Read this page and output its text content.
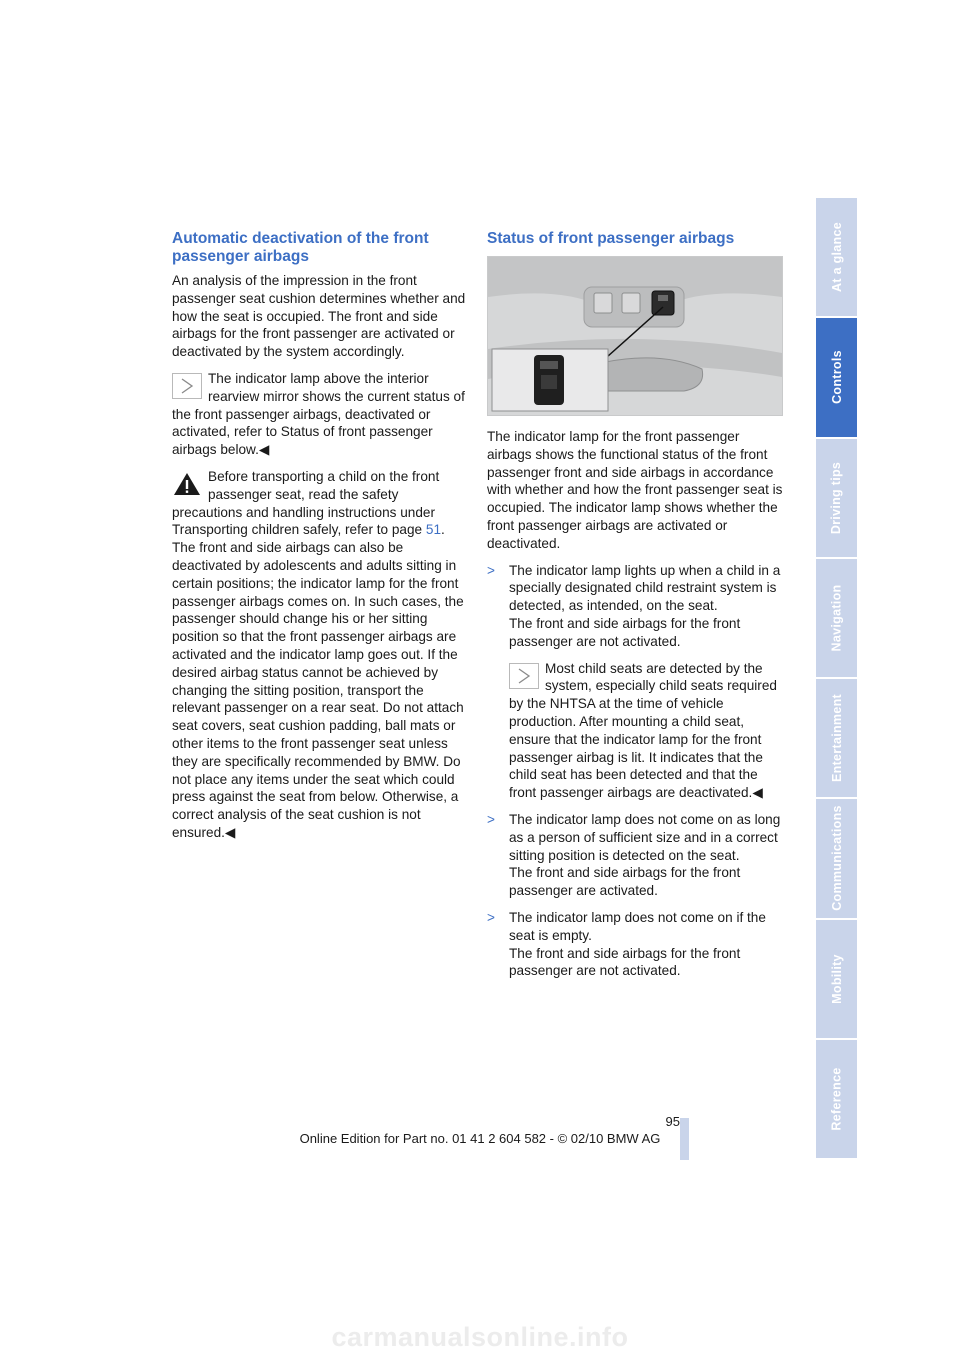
Automatic deactivation of the front passenger airbags

An analysis of the impression in the front passenger seat cushion determines whether and how the seat is occupied. The front and side airbags for the front passenger are activated or deactivated by the system accordingly.

The indicator lamp above the interior rearview mirror shows the current status of the front passenger airbags, deactivated or activated, refer to Status of front passenger airbags below.◀

Before transporting a child on the front passenger seat, read the safety precautions and handling instructions under Transporting children safely, refer to page 51.

The front and side airbags can also be deactivated by adolescents and adults sitting in certain positions; the indicator lamp for the front passenger airbags comes on. In such cases, the passenger should change his or her sitting position so that the front passenger airbags are activated and the indicator lamp goes out. If the desired airbag status cannot be achieved by changing the sitting position, transport the relevant passenger on a rear seat. Do not attach seat covers, seat cushion padding, ball mats or other items to the front passenger seat unless they are specifically recommended by BMW. Do not place any items under the seat which could press against the seat from below. Otherwise, a correct analysis of the seat cushion is not ensured.◀

Status of front passenger airbags

The indicator lamp for the front passenger airbags shows the functional status of the front passenger front and side airbags in accordance with whether and how the front passenger seat is occupied. The indicator lamp shows whether the front passenger airbags are activated or deactivated.

>	The indicator lamp lights up when a child in a specially designated child restraint system is detected, as intended, on the seat.

The front and side airbags for the front passenger are not activated.

Most child seats are detected by the system, especially child seats required by the NHTSA at the time of vehicle production. After mounting a child seat, ensure that the indicator lamp for the front passenger airbag is lit. It indicates that the child seat has been detected and that the front passenger airbags are deactivated.◀

>	The indicator lamp does not come on as long as a person of sufficient size and in a correct sitting position is detected on the seat.

The front and side airbags for the front passenger are activated.

>	The indicator lamp does not come on if the seat is empty.

The front and side airbags for the front passenger are not activated.

At a glance
Controls
Driving tips
Navigation
Entertainment
Communications
Mobility
Reference
95
Online Edition for Part no. 01 41 2 604 582 - © 02/10 BMW AG
carmanualsonline.info
